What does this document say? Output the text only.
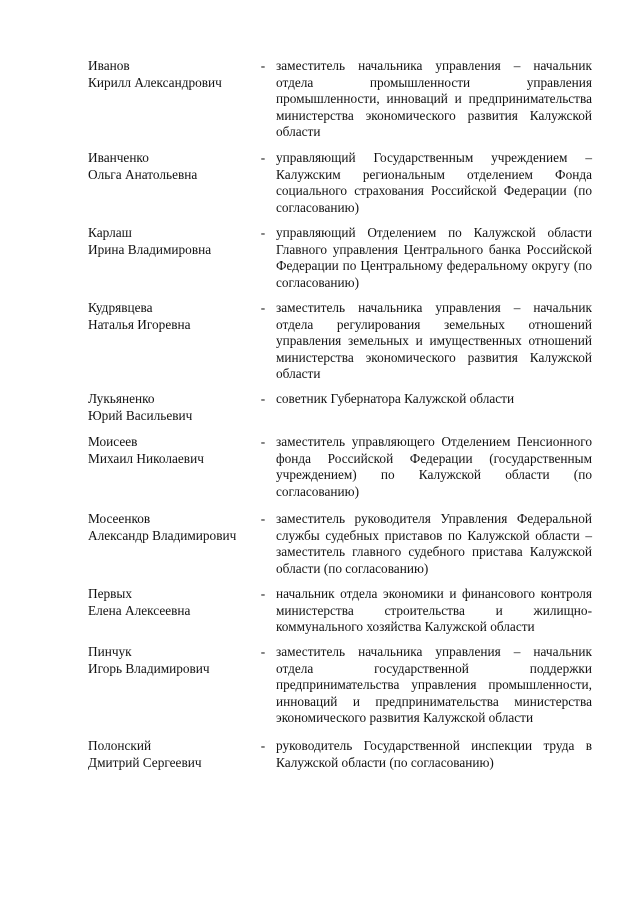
Иванов
Кирилл Александрович
- заместитель начальника управления – начальник отдела промышленности управления промышленности, инноваций и предпринимательства министерства экономического развития Калужской области
Иванченко
Ольга Анатольевна
- управляющий Государственным учреждением – Калужским региональным отделением Фонда социального страхования Российской Федерации (по согласованию)
Карлаш
Ирина Владимировна
- управляющий Отделением по Калужской области Главного управления Центрального банка Российской Федерации по Центральному федеральному округу (по согласованию)
Кудрявцева
Наталья Игоревна
- заместитель начальника управления – начальник отдела регулирования земельных отношений управления земельных и имущественных отношений министерства экономического развития Калужской области
Лукьяненко
Юрий Васильевич
- советник Губернатора Калужской области
Моисеев
Михаил Николаевич
- заместитель управляющего Отделением Пенсионного фонда Российской Федерации (государственным учреждением) по Калужской области (по согласованию)
Мосеенков
Александр Владимирович
- заместитель руководителя Управления Федеральной службы судебных приставов по Калужской области – заместитель главного судебного пристава Калужской области (по согласованию)
Первых
Елена Алексеевна
- начальник отдела экономики и финансового контроля министерства строительства и жилищно-коммунального хозяйства Калужской области
Пинчук
Игорь Владимирович
- заместитель начальника управления – начальник отдела государственной поддержки предпринимательства управления промышленности, инноваций и предпринимательства министерства экономического развития Калужской области
Полонский
Дмитрий Сергеевич
- руководитель Государственной инспекции труда в Калужской области (по согласованию)
